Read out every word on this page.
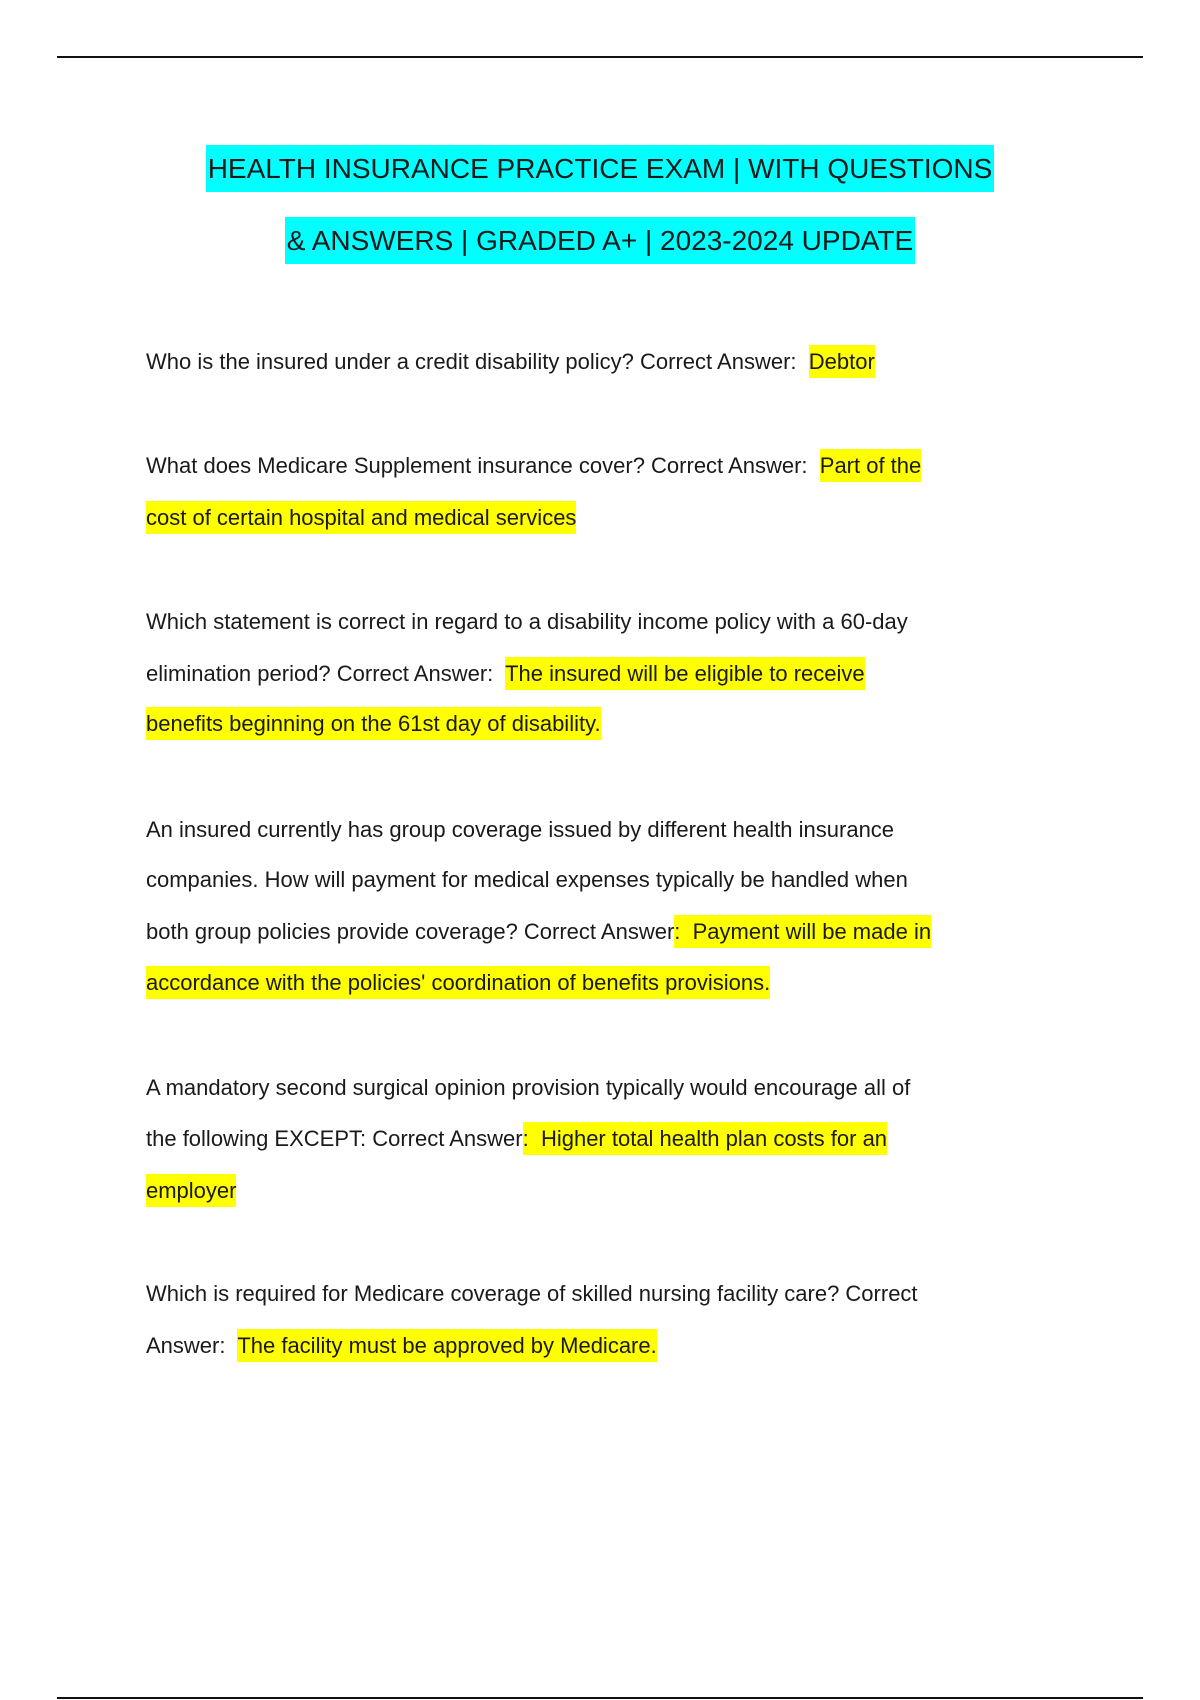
HEALTH INSURANCE PRACTICE EXAM | WITH QUESTIONS
& ANSWERS | GRADED A+ | 2023-2024 UPDATE
Who is the insured under a credit disability policy? Correct Answer:  Debtor
What does Medicare Supplement insurance cover? Correct Answer:  Part of the
cost of certain hospital and medical services
Which statement is correct in regard to a disability income policy with a 60-day
elimination period? Correct Answer:  The insured will be eligible to receive
benefits beginning on the 61st day of disability.
An insured currently has group coverage issued by different health insurance
companies. How will payment for medical expenses typically be handled when
both group policies provide coverage? Correct Answer:  Payment will be made in
accordance with the policies' coordination of benefits provisions.
A mandatory second surgical opinion provision typically would encourage all of
the following EXCEPT: Correct Answer:  Higher total health plan costs for an
employer
Which is required for Medicare coverage of skilled nursing facility care? Correct
Answer:  The facility must be approved by Medicare.
